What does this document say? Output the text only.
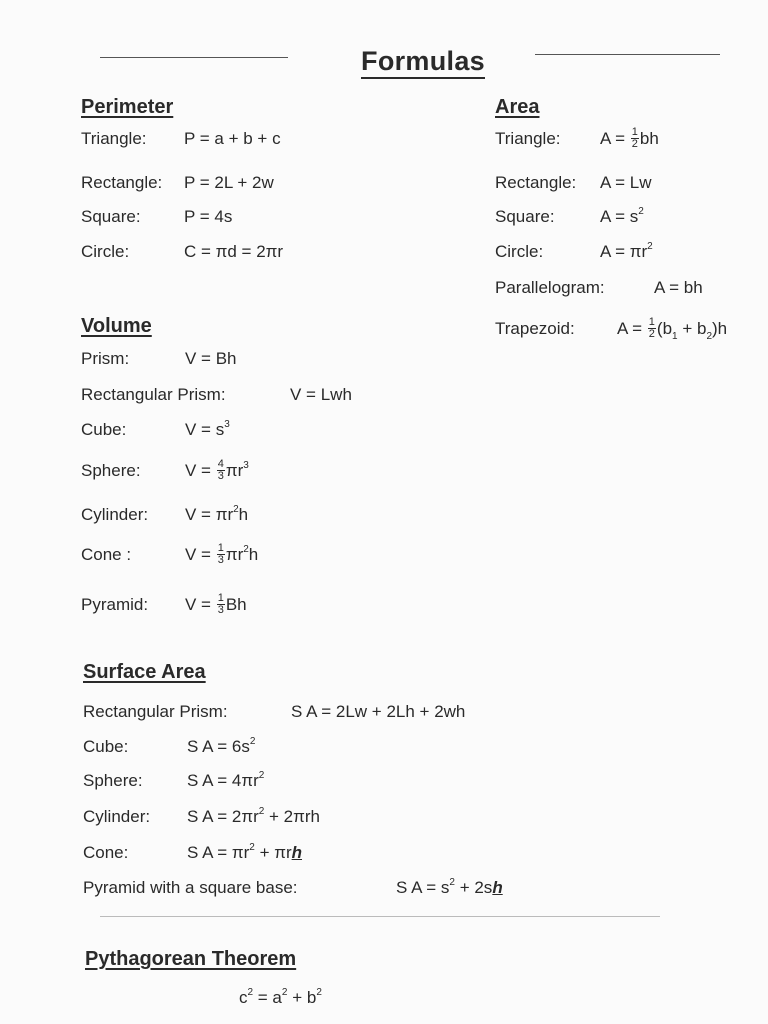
Formulas
Perimeter
Triangle: P = a + b + c
Rectangle: P = 2L + 2w
Square:	P = 4s
Circle:	C = πd = 2πr
Area
Triangle: $A = \frac{1}{2}$ bh
Rectangle: A = Lw
Square:	$A = s^2$
Circle:	$A = \pi r^2$
Parallelogram:	A = bh
Trapezoid: $A = \frac{1}{2} (b_1 + b_2)h$
Volume
Prism:	V = Bh
Rectangular Prism:	V = Lwh
Cube:	$V = s^3$
Sphere:	$V = \frac{4}{3} \pi r^3$
Cylinder: $V = \pi r^2h$
Cone :	$V = \frac{1}{3} \pi r^2h$
Pyramid: $V = \frac{1}{3}$ Bh
Surface Area
Rectangular Prism:	S A = 2Lw + 2Lh + 2wh
Cube:	S $A = 6s^2$
Sphere:	S $A = 4\pi r^2$
Cylinder: S $A = 2\pi r^2 + 2\pi rh$
Cone:	S $A = \pi r^2 + \pi rh$
Pyramid with a square base:	S $A = s^2 + 2sh$
Pythagorean Theorem
$c^2 = a^2 + b^2$
